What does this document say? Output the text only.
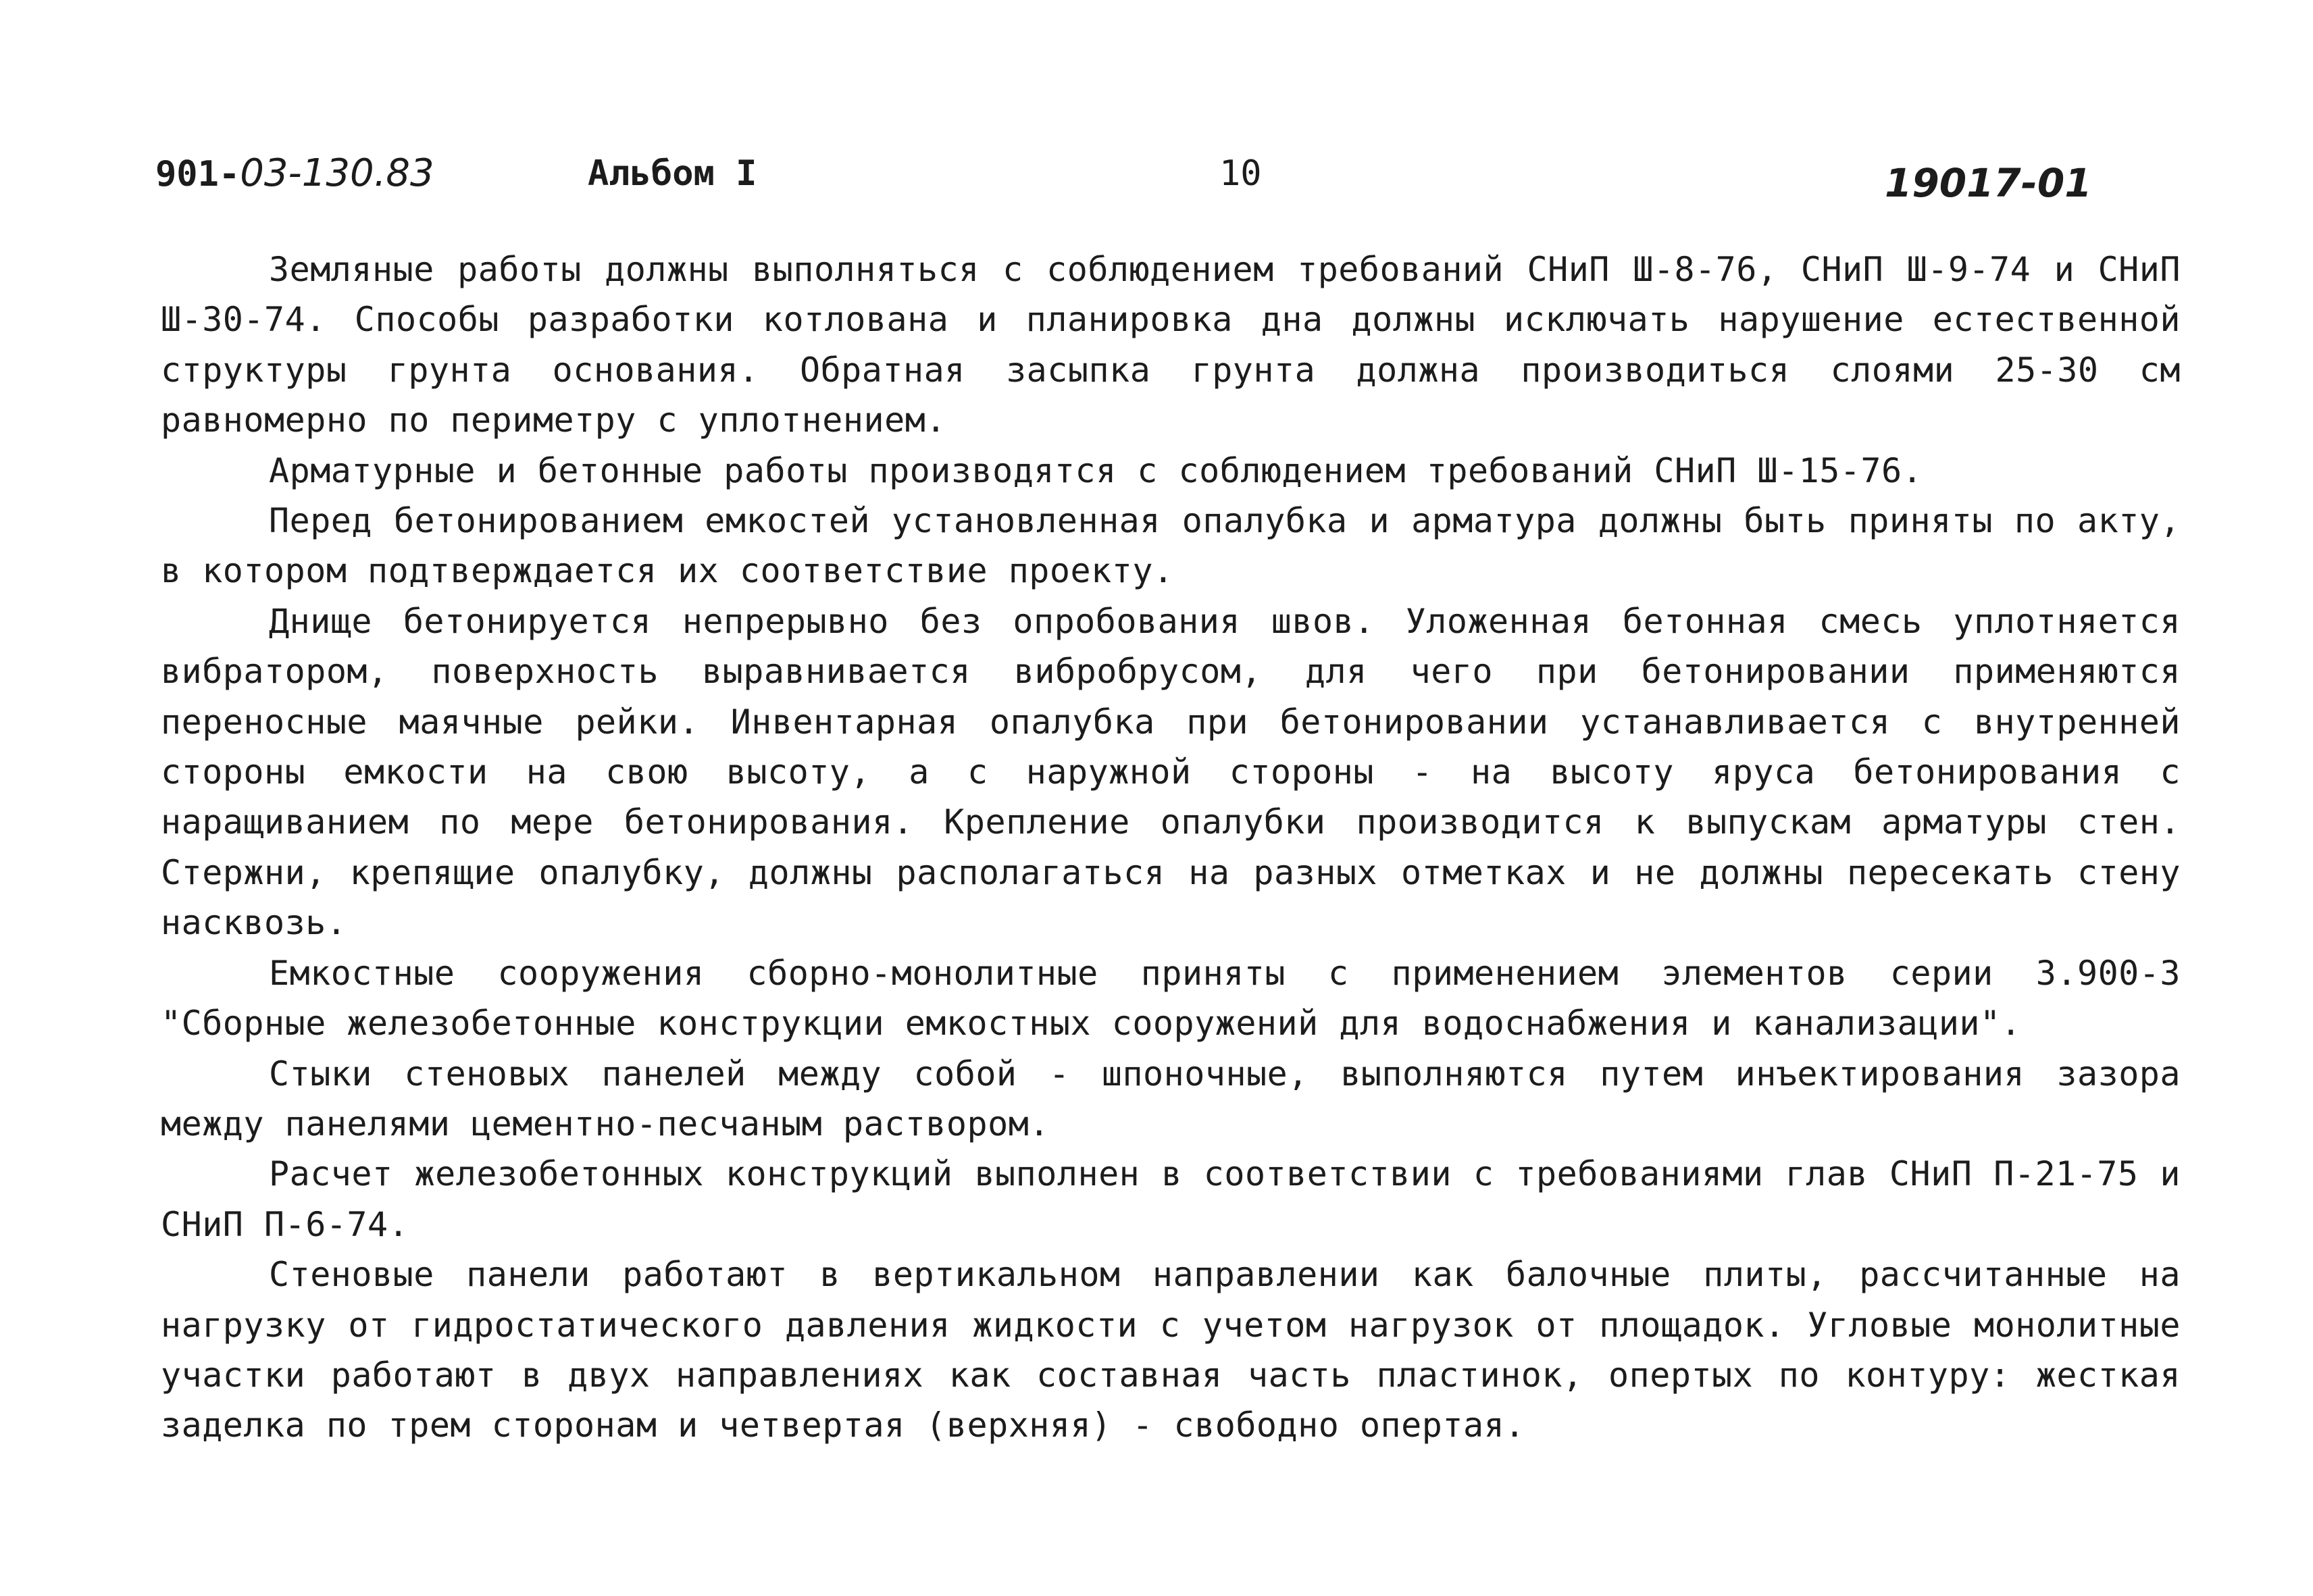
901-03-130.83	Альбом I	10	19017-01

Земляные работы должны выполняться с соблюдением требований СНиП Ш-8-76, СНиП Ш-9-74 и СНиП Ш-30-74. Способы разработки котлована и планировка дна должны исключать нарушение естественной структуры грунта основания. Обратная засыпка грунта должна производиться слоями 25-30 см равномерно по периметру с уплотнением.

Арматурные и бетонные работы производятся с соблюдением требований СНиП Ш-15-76.

Перед бетонированием емкостей установленная опалубка и арматура должны быть приняты по акту, в котором подтверждается их соответствие проекту.

Днище бетонируется непрерывно без опробования швов. Уложенная бетонная смесь уплотняется вибратором, поверхность выравнивается вибробрусом, для чего при бетонировании применяются переносные маячные рейки. Инвентарная опалубка при бетонировании устанавливается с внутренней стороны емкости на свою высоту, а с наружной стороны - на высоту яруса бетонирования с наращиванием по мере бетонирования. Крепление опалубки производится к выпускам арматуры стен. Стержни, крепящие опалубку, должны располагаться на разных отметках и не должны пересекать стену насквозь.

Емкостные сооружения сборно-монолитные приняты с применением элементов серии 3.900-3 "Сборные железобетонные конструкции емкостных сооружений для водоснабжения и канализации".

Стыки стеновых панелей между собой - шпоночные, выполняются путем инъектирования зазора между панелями цементно-песчаным раствором.

Расчет железобетонных конструкций выполнен в соответствии с требованиями глав СНиП П-21-75 и СНиП П-6-74.

Стеновые панели работают в вертикальном направлении как балочные плиты, рассчитанные на нагрузку от гидростатического давления жидкости с учетом нагрузок от площадок. Угловые монолитные участки работают в двух направлениях как составная часть пластинок, опертых по контуру: жесткая заделка по трем сторонам и четвертая (верхняя) - свободно опертая.
